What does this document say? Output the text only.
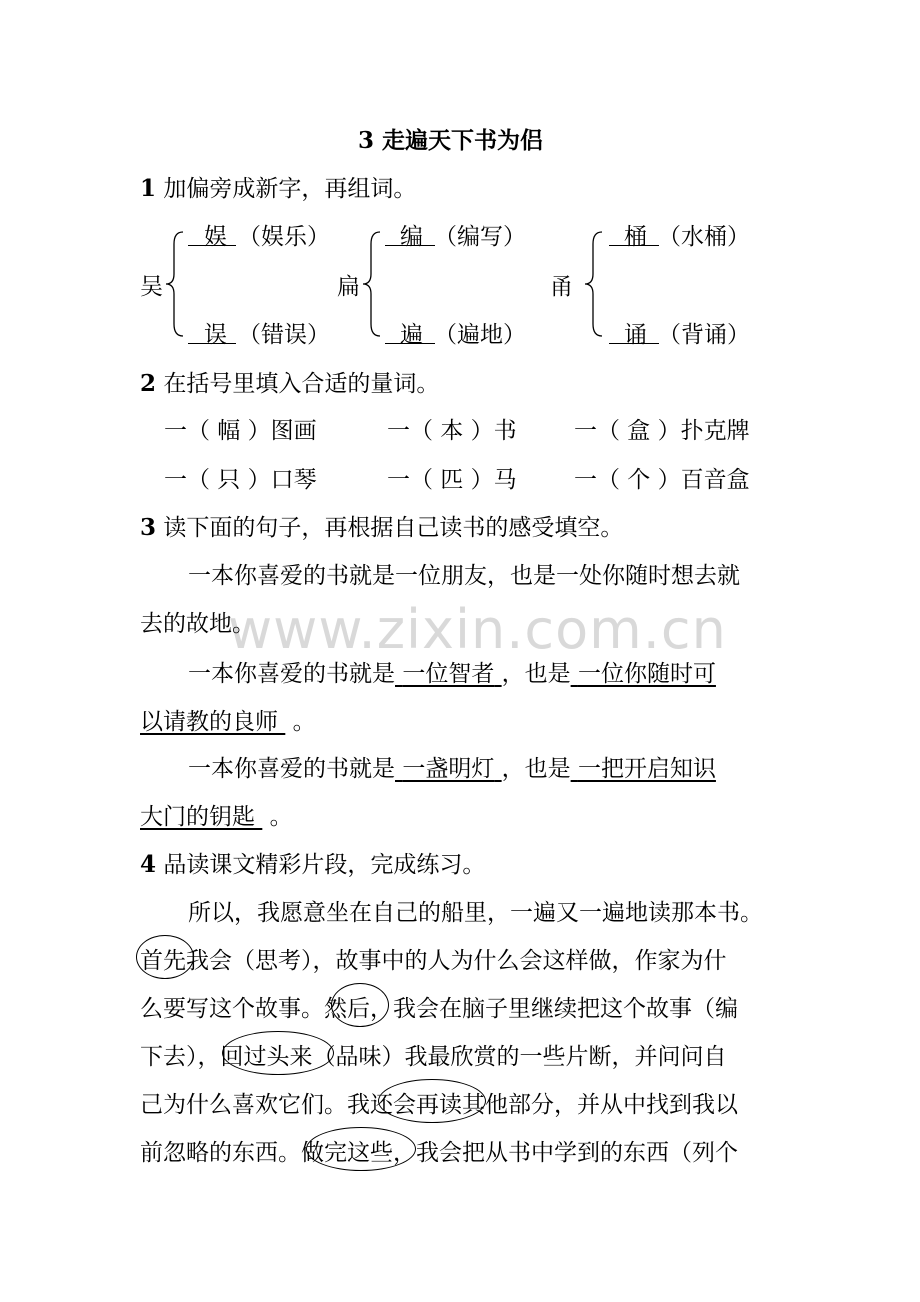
www.zixin.com.cn
3 走遍天下书为侣
1 加偏旁成新字，再组词。
吴
娱 （娱乐）
误 （错误）
扁
编 （编写）
遍 （遍地）
甬
桶 （水桶）
诵 （背诵）
2 在括号里填入合适的量词。
一（ 幅 ）图画	一（ 本 ）书 一（ 盒 ）扑克牌
一（ 只 ）口琴	一（ 匹 ）马 一（ 个 ）百音盒
3 读下面的句子，再根据自己读书的感受填空。
一本你喜爱的书就是一位朋友，也是一处你随时想去就
去的故地。
一本你喜爱的书就是 一位智者 ，也是 一位你随时可
以请教的良师 。
一本你喜爱的书就是 一盏明灯 ，也是 一把开启知识
大门的钥匙 。
4 品读课文精彩片段，完成练习。
所以，我愿意坐在自己的船里，一遍又一遍地读那本书。
首先我会（思考），故事中的人为什么会这样做，作家为什
么要写这个故事。然后，我会在脑子里继续把这个故事（编
下去），回过头来（品味）我最欣赏的一些片断，并问问自
己为什么喜欢它们。我还会再读其他部分，并从中找到我以
前忽略的东西。做完这些，我会把从书中学到的东西（列个
